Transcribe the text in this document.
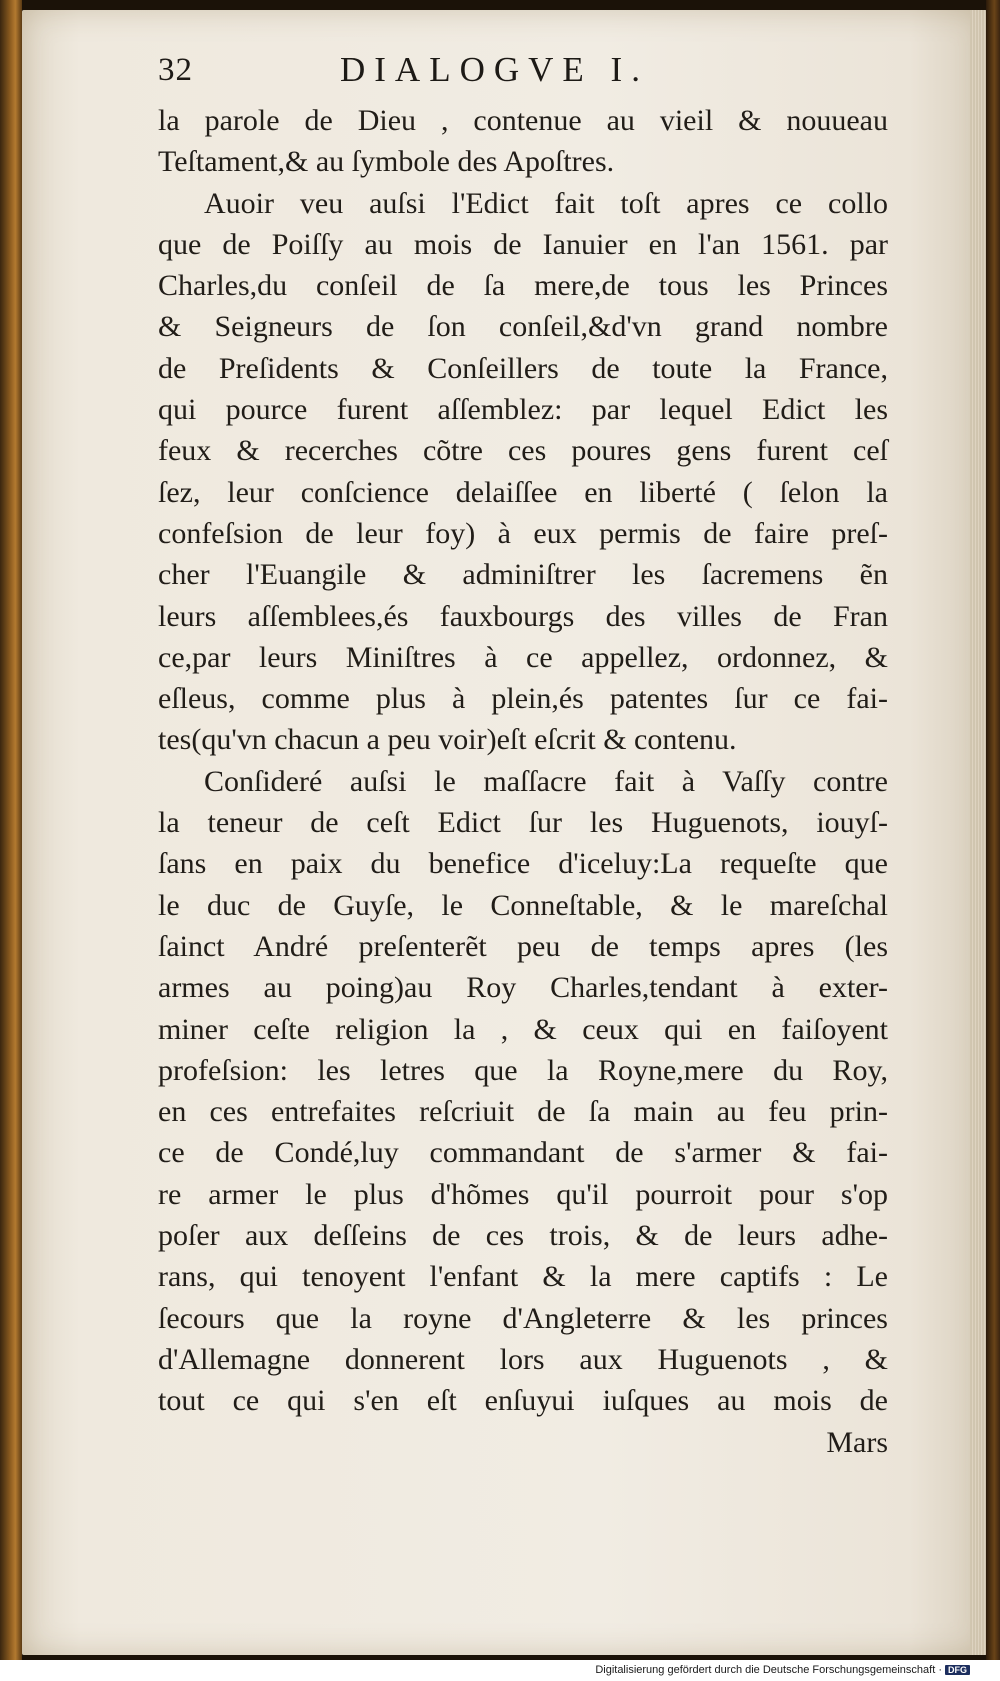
32	DIALOGVE I.
la parole de Dieu , contenue au vieil & nouueau
Teſtament,& au ſymbole des Apoſtres.
Auoir veu auſsi l'Edict fait toſt apres ce collo
que de Poiſſy au mois de Ianuier en l'an 1561. par
Charles,du conſeil de ſa mere,de tous les Princes
& Seigneurs de ſon conſeil,&d'vn grand nombre
de Preſidents & Conſeillers de toute la France,
qui pource furent aſſemblez: par lequel Edict les
feux & recerches cõtre ces poures gens furent ceſ
ſez, leur conſcience delaiſſee en liberté ( ſelon la
confeſsion de leur foy) à eux permis de faire preſ-
cher l'Euangile & adminiſtrer les ſacremens ẽn
leurs aſſemblees,és fauxbourgs des villes de Fran
ce,par leurs Miniſtres à ce appellez, ordonnez, &
eſleus, comme plus à plein,és patentes ſur ce fai-
tes(qu'vn chacun a peu voir)eſt eſcrit & contenu.
Conſideré auſsi le maſſacre fait à Vaſſy contre
la teneur de ceſt Edict ſur les Huguenots, iouyſ-
ſans en paix du benefice d'iceluy:La requeſte que
le duc de Guyſe, le Conneſtable, & le mareſchal
ſainct André preſenterẽt peu de temps apres (les
armes au poing)au Roy Charles,tendant à exter-
miner ceſte religion la , & ceux qui en faiſoyent
profeſsion: les letres que la Royne,mere du Roy,
en ces entrefaites reſcriuit de ſa main au feu prin-
ce de Condé,luy commandant de s'armer & fai-
re armer le plus d'hõmes qu'il pourroit pour s'op
poſer aux deſſeins de ces trois, & de leurs adhe-
rans, qui tenoyent l'enfant & la mere captifs : Le
ſecours que la royne d'Angleterre & les princes
d'Allemagne donnerent lors aux Huguenots , &
tout ce qui s'en eſt enſuyui iuſques au mois de
Mars
Digitalisierung gefördert durch die Deutsche Forschungsgemeinschaft · DFG
